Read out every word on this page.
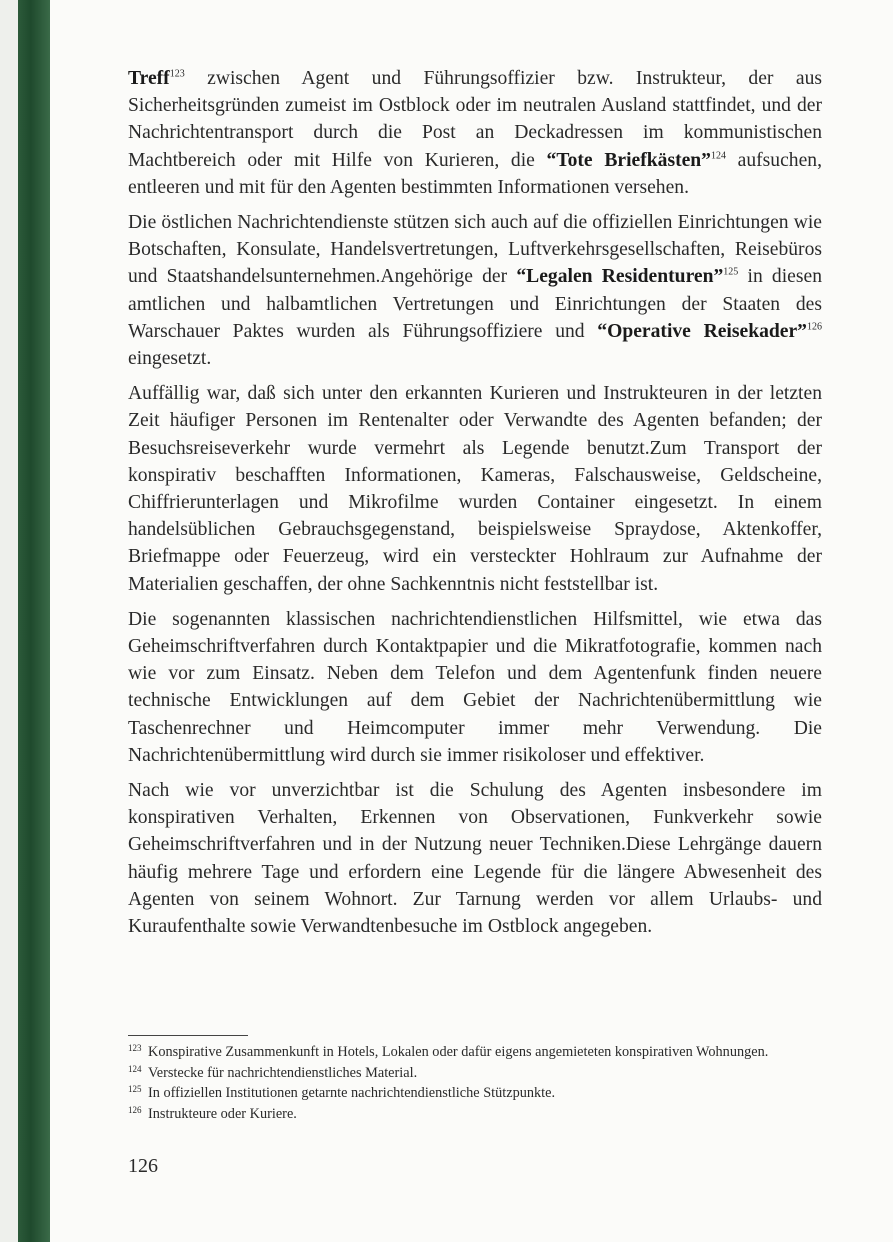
Treff$^{123}$ zwischen Agent und Führungsoffizier bzw. Instrukteur, der aus Sicherheitsgründen zumeist im Ostblock oder im neutralen Ausland stattfindet, und der Nachrichtentransport durch die Post an Deckadressen im kommunistischen Machtbereich oder mit Hilfe von Kurieren, die “Tote Briefkästen”$^{124}$ aufsuchen, entleeren und mit für den Agenten bestimmten Informationen versehen.

Die östlichen Nachrichtendienste stützen sich auch auf die offiziellen Einrichtungen wie Botschaften, Konsulate, Handelsvertretungen, Luftverkehrsgesellschaften, Reisebüros und Staatshandelsunternehmen.Angehörige der “Legalen Residenturen”$^{125}$ in diesen amtlichen und halbamtlichen Vertretungen und Einrichtungen der Staaten des Warschauer Paktes wurden als Führungsoffiziere und “Operative Reisekader”$^{126}$ eingesetzt.

Auffällig war, daß sich unter den erkannten Kurieren und Instrukteuren in der letzten Zeit häufiger Personen im Rentenalter oder Verwandte des Agenten befanden; der Besuchsreiseverkehr wurde vermehrt als Legende benutzt.Zum Transport der konspirativ beschafften Informationen, Kameras, Falschausweise, Geldscheine, Chiffrierunterlagen und Mikrofilme wurden Container eingesetzt. In einem handelsüblichen Gebrauchsgegenstand, beispielsweise Spraydose, Aktenkoffer, Briefmappe oder Feuerzeug, wird ein versteckter Hohlraum zur Aufnahme der Materialien geschaffen, der ohne Sachkenntnis nicht feststellbar ist.

Die sogenannten klassischen nachrichtendienstlichen Hilfsmittel, wie etwa das Geheimschriftverfahren durch Kontaktpapier und die Mikratfotografie, kommen nach wie vor zum Einsatz. Neben dem Telefon und dem Agentenfunk finden neuere technische Entwicklungen auf dem Gebiet der Nachrichtenübermittlung wie Taschenrechner und Heimcomputer immer mehr Verwendung. Die Nachrichtenübermittlung wird durch sie immer risikoloser und effektiver.

Nach wie vor unverzichtbar ist die Schulung des Agenten insbesondere im konspirativen Verhalten, Erkennen von Observationen, Funkverkehr sowie Geheimschriftverfahren und in der Nutzung neuer Techniken.Diese Lehrgänge dauern häufig mehrere Tage und erfordern eine Legende für die längere Abwesenheit des Agenten von seinem Wohnort. Zur Tarnung werden vor allem Urlaubs- und Kuraufenthalte sowie Verwandtenbesuche im Ostblock angegeben.

123 Konspirative Zusammenkunft in Hotels, Lokalen oder dafür eigens angemieteten konspirativen Wohnungen.
124 Verstecke für nachrichtendienstliches Material.
125 In offiziellen Institutionen getarnte nachrichtendienstliche Stützpunkte.
126 Instrukteure oder Kuriere.
126
